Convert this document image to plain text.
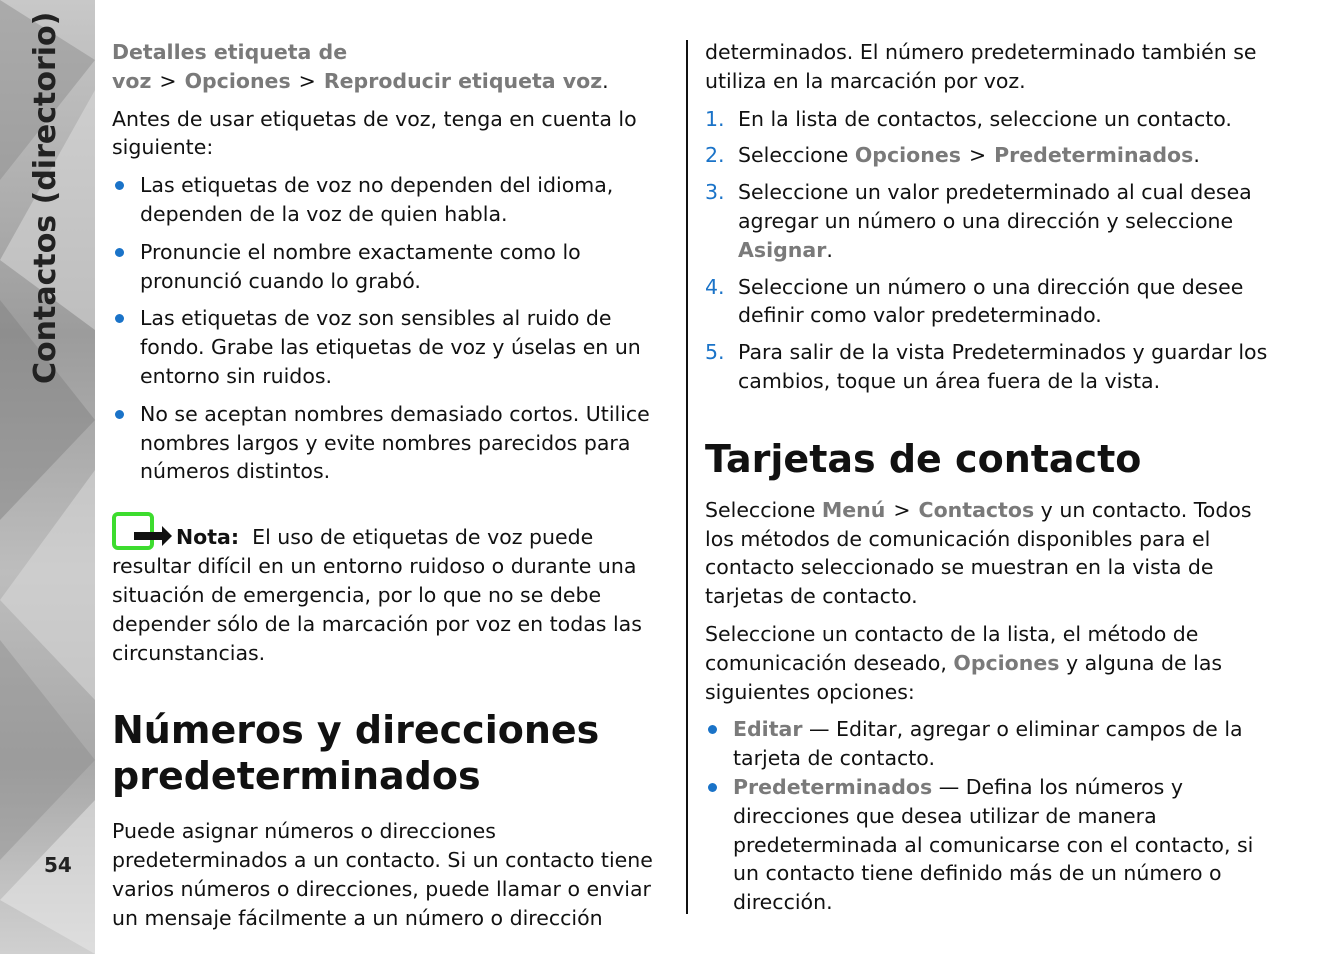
Contactos (directorio)
54

Detalles etiqueta de voz > Opciones > Reproducir etiqueta voz.

Antes de usar etiquetas de voz, tenga en cuenta lo siguiente:

Las etiquetas de voz no dependen del idioma, dependen de la voz de quien habla.
Pronuncie el nombre exactamente como lo pronunció cuando lo grabó.
Las etiquetas de voz son sensibles al ruido de fondo. Grabe las etiquetas de voz y úselas en un entorno sin ruidos.
No se aceptan nombres demasiado cortos. Utilice nombres largos y evite nombres parecidos para números distintos.

Nota: El uso de etiquetas de voz puede resultar difícil en un entorno ruidoso o durante una situación de emergencia, por lo que no se debe depender sólo de la marcación por voz en todas las circunstancias.

Números y direcciones predeterminados

Puede asignar números o direcciones predeterminados a un contacto. Si un contacto tiene varios números o direcciones, puede llamar o enviar un mensaje fácilmente a un número o dirección

determinados. El número predeterminado también se utiliza en la marcación por voz.

1. En la lista de contactos, seleccione un contacto.
2. Seleccione Opciones > Predeterminados.
3. Seleccione un valor predeterminado al cual desea agregar un número o una dirección y seleccione Asignar.
4. Seleccione un número o una dirección que desee definir como valor predeterminado.
5. Para salir de la vista Predeterminados y guardar los cambios, toque un área fuera de la vista.
Tarjetas de contacto

Seleccione Menú > Contactos y un contacto. Todos los métodos de comunicación disponibles para el contacto seleccionado se muestran en la vista de tarjetas de contacto.

Seleccione un contacto de la lista, el método de comunicación deseado, Opciones y alguna de las siguientes opciones:

Editar — Editar, agregar o eliminar campos de la tarjeta de contacto.
Predeterminados — Defina los números y direcciones que desea utilizar de manera predeterminada al comunicarse con el contacto, si un contacto tiene definido más de un número o dirección.
